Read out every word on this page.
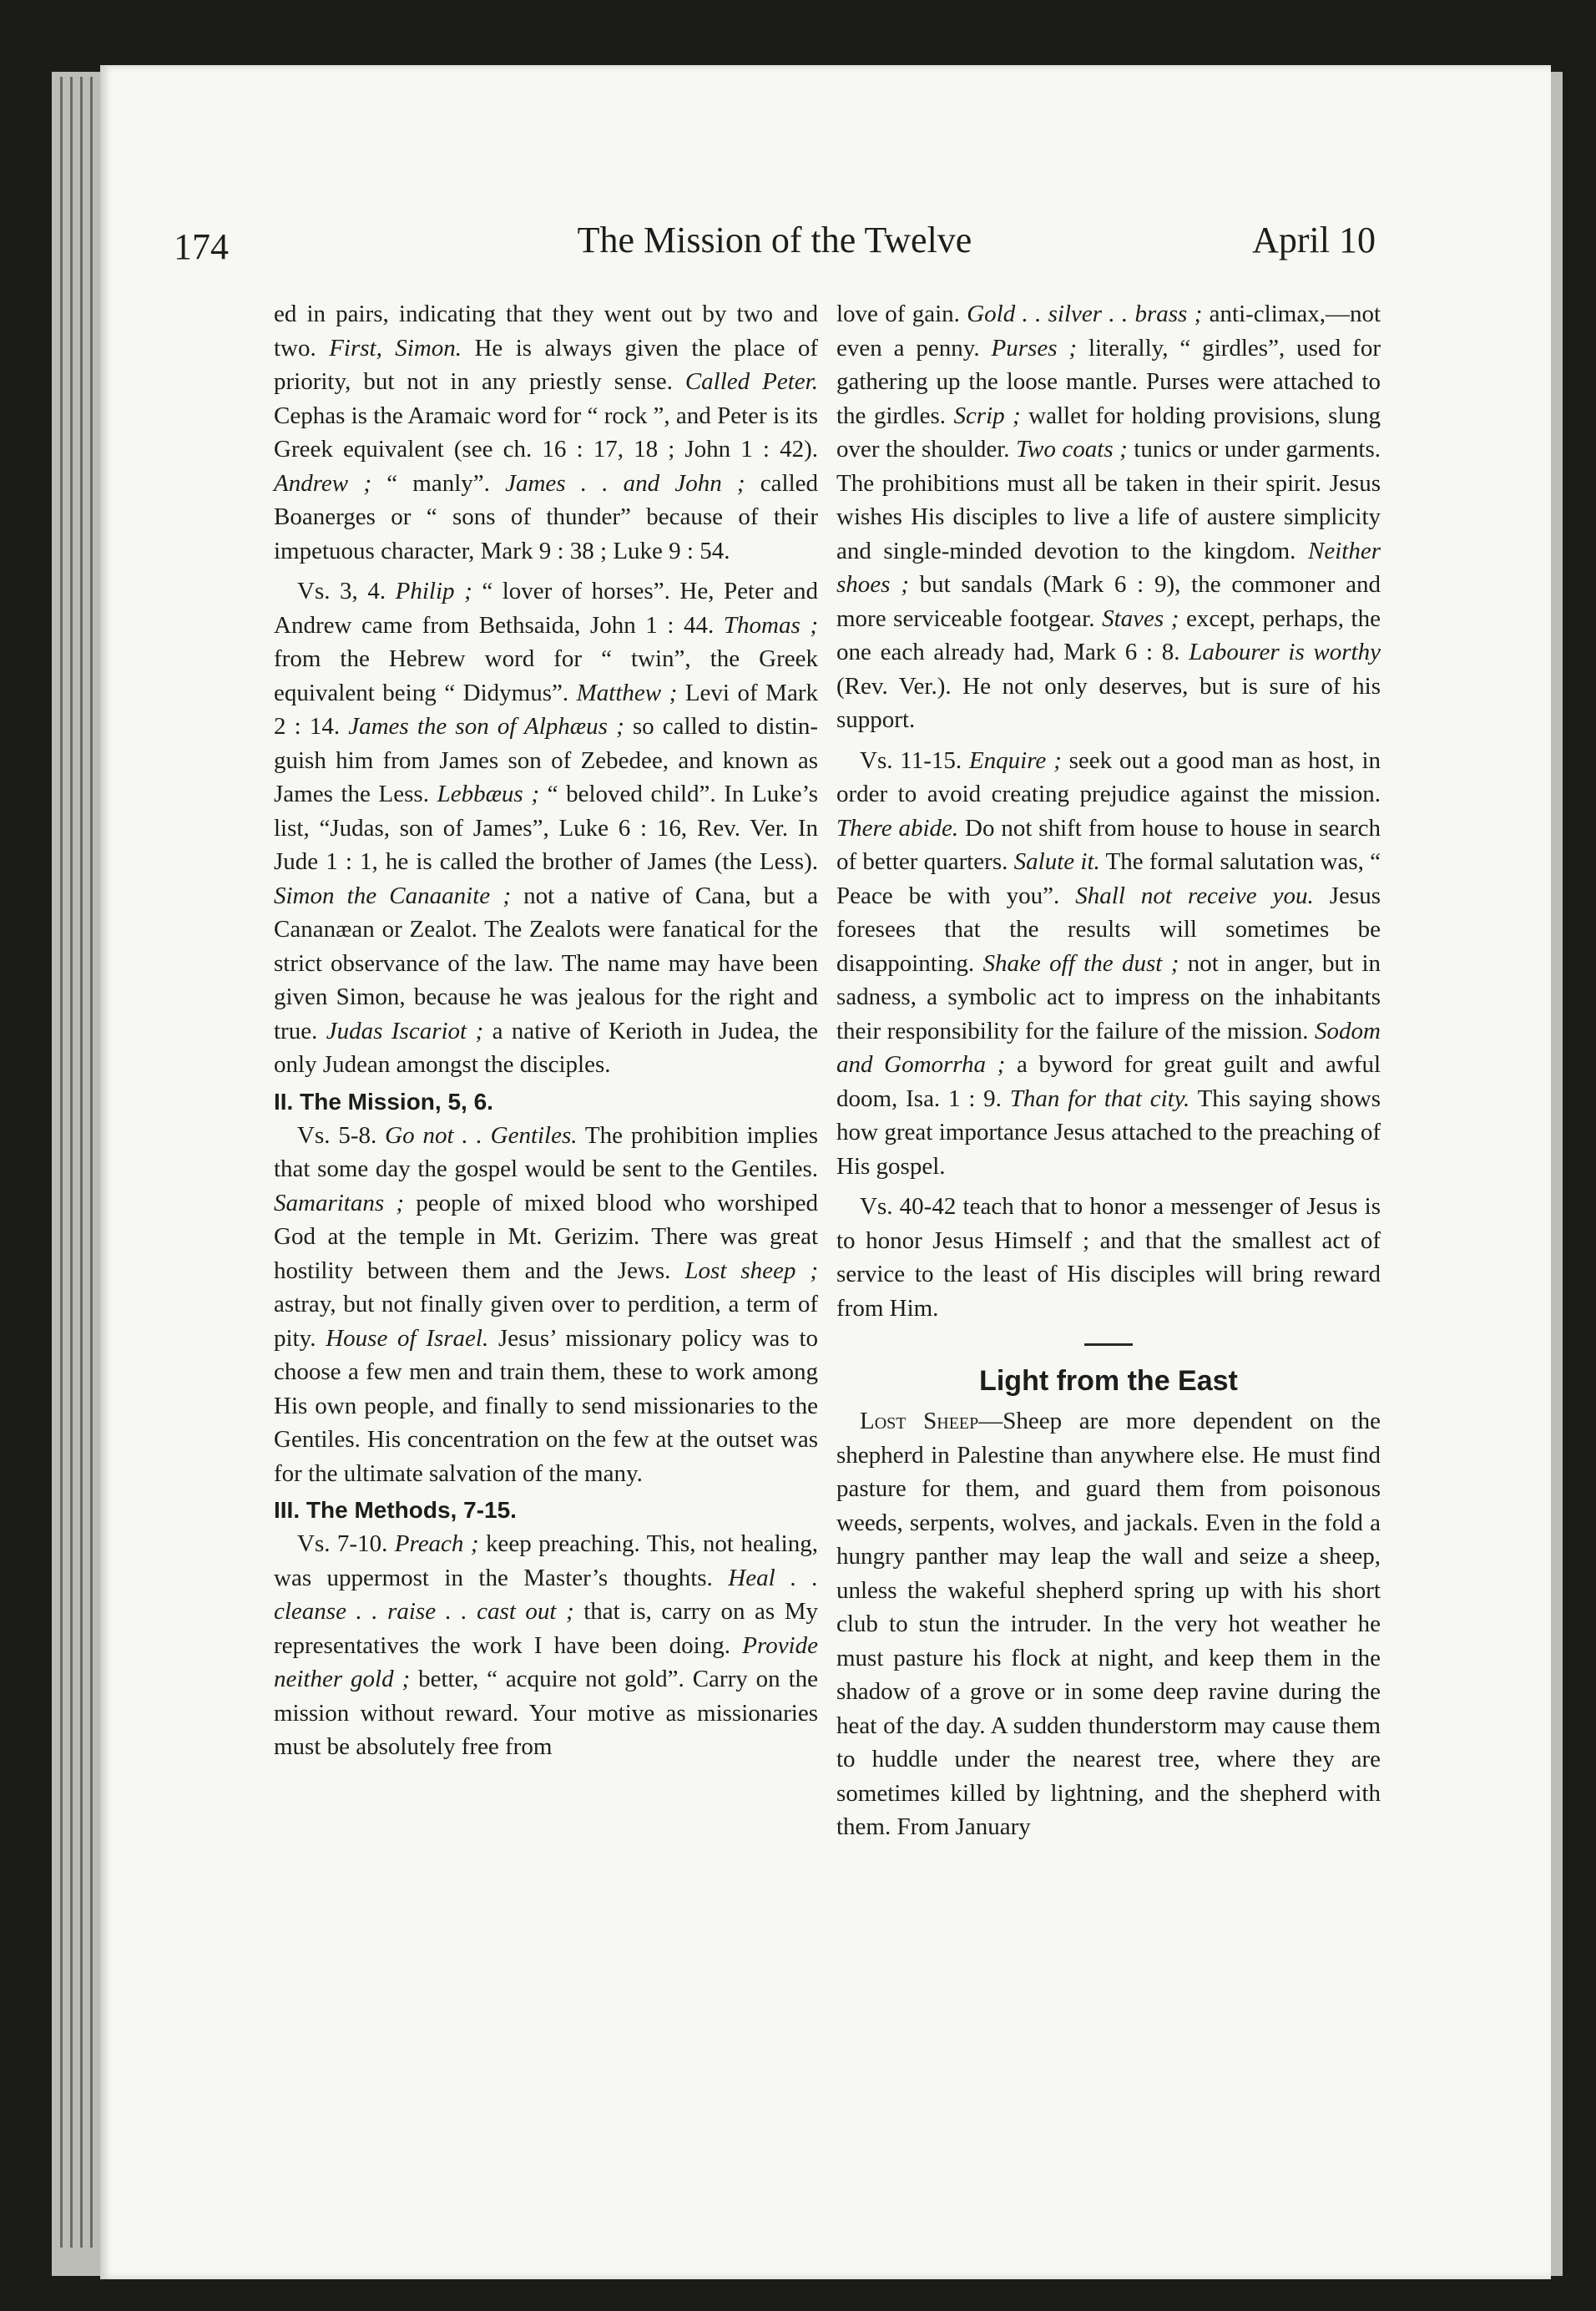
174	The Mission of the Twelve	April 10

ed in pairs, indicating that they went out by two and two. First, Simon. He is always given the place of priority, but not in any priestly sense. Called Peter. Cephas is the Aramaic word for “ rock ”, and Peter is its Greek equivalent (see ch. 16 : 17, 18 ; John 1 : 42). Andrew ; “ manly”. James . . and John ; called Boanerges or “ sons of thunder” because of their impetuous character, Mark 9 : 38 ; Luke 9 : 54.

Vs. 3, 4. Philip ; “ lover of horses”. He, Peter and Andrew came from Bethsaida, John 1 : 44. Thomas ; from the Hebrew word for “ twin”, the Greek equivalent being “ Didymus”. Matthew ; Levi of Mark 2 : 14. James the son of Alphæus ; so called to distinguish him from James son of Zebedee, and known as James the Less. Lebbæus ; “ beloved child”. In Luke’s list, “Judas, son of James”, Luke 6 : 16, Rev. Ver. In Jude 1 : 1, he is called the brother of James (the Less). Simon the Canaanite ; not a native of Cana, but a Cananæan or Zealot. The Zealots were fanatical for the strict observance of the law. The name may have been given Simon, because he was jealous for the right and true. Judas Iscariot ; a native of Kerioth in Judea, the only Judean amongst the disciples.

II. The Mission, 5, 6.

Vs. 5-8. Go not . . Gentiles. The prohibition implies that some day the gospel would be sent to the Gentiles. Samaritans ; people of mixed blood who worshiped God at the temple in Mt. Gerizim. There was great hostility between them and the Jews. Lost sheep ; astray, but not finally given over to perdition, a term of pity. House of Israel. Jesus’ missionary policy was to choose a few men and train them, these to work among His own people, and finally to send missionaries to the Gentiles. His concentration on the few at the outset was for the ultimate salvation of the many.

III. The Methods, 7-15.

Vs. 7-10. Preach ; keep preaching. This, not healing, was uppermost in the Master’s thoughts. Heal . . cleanse . . raise . . cast out ; that is, carry on as My representatives the work I have been doing. Provide neither gold ; better, “ acquire not gold”. Carry on the mission without reward. Your motive as missionaries must be absolutely free from

love of gain. Gold . . silver . . brass ; anti-climax,—not even a penny. Purses ; literally, “ girdles”, used for gathering up the loose mantle. Purses were attached to the girdles. Scrip ; wallet for holding provisions, slung over the shoulder. Two coats ; tunics or under garments. The prohibitions must all be taken in their spirit. Jesus wishes His disciples to live a life of austere simplicity and single-minded devotion to the kingdom. Neither shoes ; but sandals (Mark 6 : 9), the commoner and more serviceable footgear. Staves ; except, perhaps, the one each already had, Mark 6 : 8. Labourer is worthy (Rev. Ver.). He not only deserves, but is sure of his support.

Vs. 11-15. Enquire ; seek out a good man as host, in order to avoid creating prejudice against the mission. There abide. Do not shift from house to house in search of better quarters. Salute it. The formal salutation was, “ Peace be with you”. Shall not receive you. Jesus foresees that the results will sometimes be disappointing. Shake off the dust ; not in anger, but in sadness, a symbolic act to impress on the inhabitants their responsibility for the failure of the mission. Sodom and Gomorrha ; a byword for great guilt and awful doom, Isa. 1 : 9. Than for that city. This saying shows how great importance Jesus attached to the preaching of His gospel.

Vs. 40-42 teach that to honor a messenger of Jesus is to honor Jesus Himself ; and that the smallest act of service to the least of His disciples will bring reward from Him.

Light from the East

Lost Sheep—Sheep are more dependent on the shepherd in Palestine than anywhere else. He must find pasture for them, and guard them from poisonous weeds, serpents, wolves, and jackals. Even in the fold a hungry panther may leap the wall and seize a sheep, unless the wakeful shepherd spring up with his short club to stun the intruder. In the very hot weather he must pasture his flock at night, and keep them in the shadow of a grove or in some deep ravine during the heat of the day. A sudden thunderstorm may cause them to huddle under the nearest tree, where they are sometimes killed by lightning, and the shepherd with them. From January
